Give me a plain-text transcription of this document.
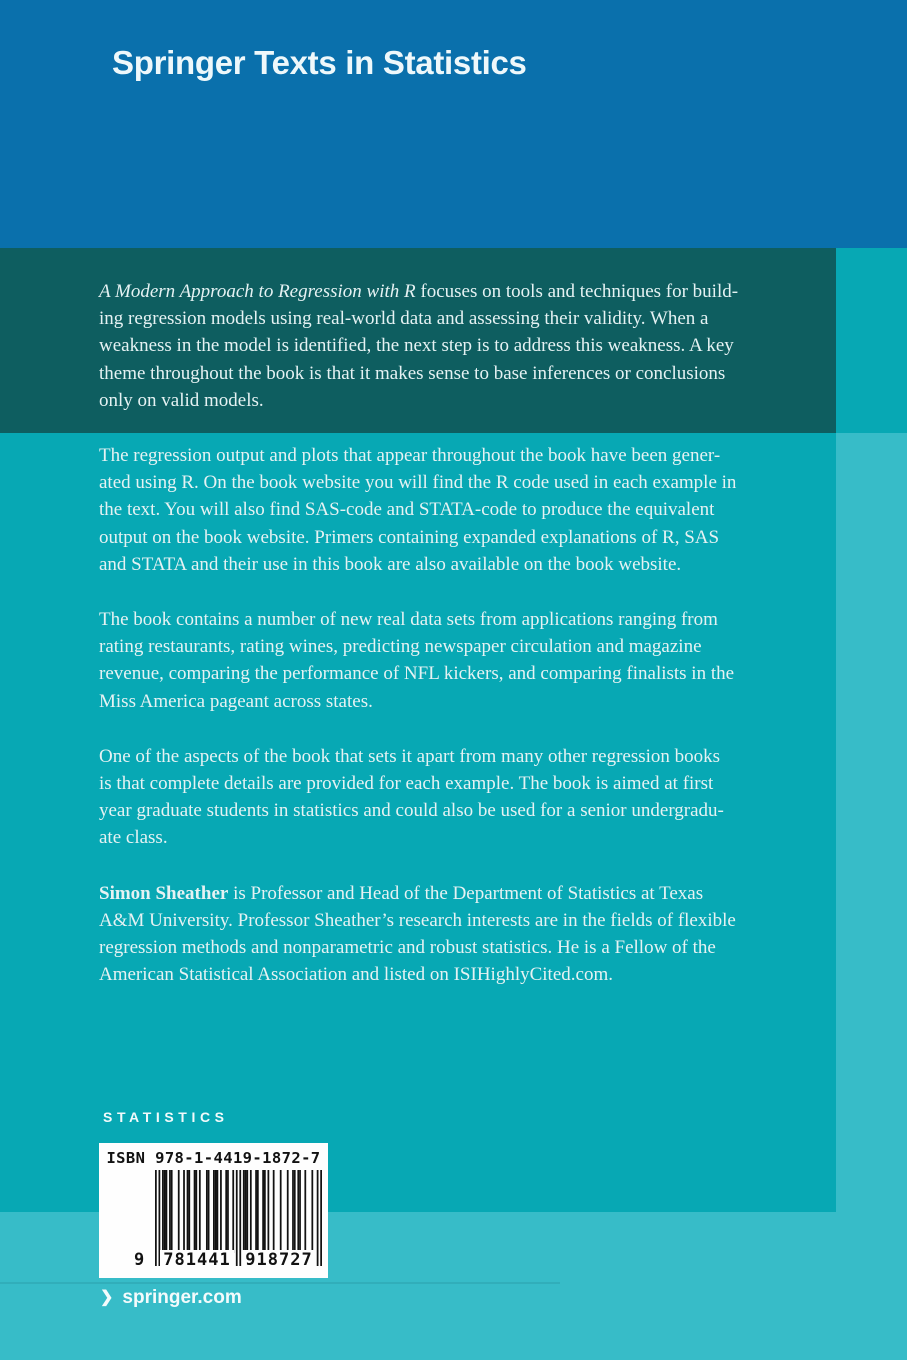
Springer Texts in Statistics
A Modern Approach to Regression with R focuses on tools and techniques for build-
ing regression models using real-world data and assessing their validity. When a
weakness in the model is identified, the next step is to address this weakness. A key
theme throughout the book is that it makes sense to base inferences or conclusions
only on valid models.
The regression output and plots that appear throughout the book have been gener-
ated using R. On the book website you will find the R code used in each example in
the text. You will also find SAS-code and STATA-code to produce the equivalent
output on the book website. Primers containing expanded explanations of R, SAS
and STATA and their use in this book are also available on the book website.
The book contains a number of new real data sets from applications ranging from
rating restaurants, rating wines, predicting newspaper circulation and magazine
revenue, comparing the performance of NFL kickers, and comparing finalists in the
Miss America pageant across states.
One of the aspects of the book that sets it apart from many other regression books
is that complete details are provided for each example. The book is aimed at first
year graduate students in statistics and could also be used for a senior undergradu-
ate class.
Simon Sheather is Professor and Head of the Department of Statistics at Texas
A&M University. Professor Sheather’s research interests are in the fields of flexible
regression methods and nonparametric and robust statistics. He is a Fellow of the
American Statistical Association and listed on ISIHighlyCited.com.
STATISTICS
ISBN 978-1-4419-1872-7
9 781441 918727
❯ springer.com
